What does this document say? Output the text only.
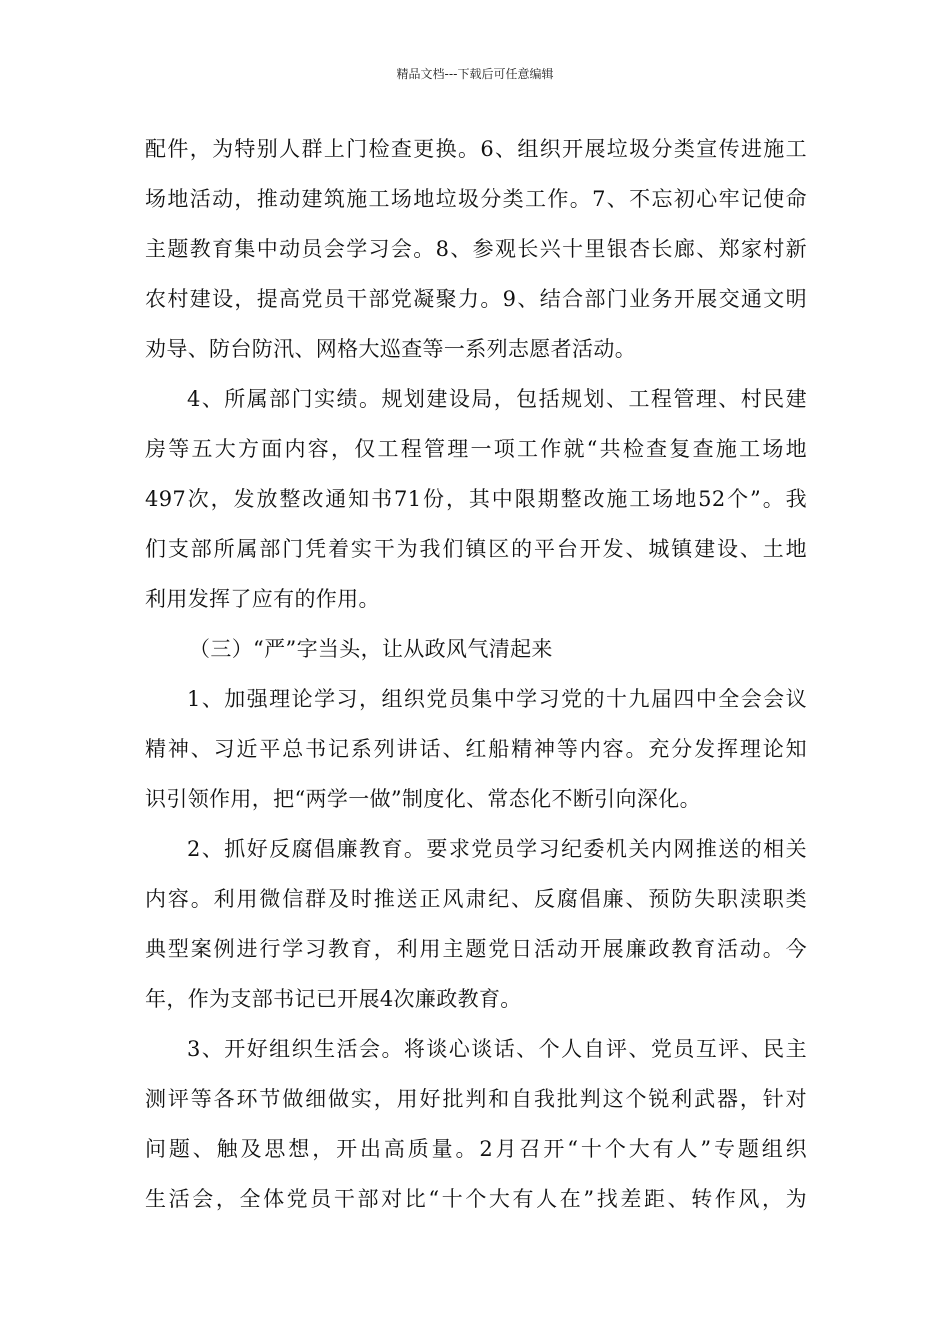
精品文档---下载后可任意编辑
配件，为特别人群上门检查更换。6、组织开展垃圾分类宣传进施工
场地活动，推动建筑施工场地垃圾分类工作。7、不忘初心牢记使命
主题教育集中动员会学习会。8、参观长兴十里银杏长廊、郑家村新
农村建设，提高党员干部党凝聚力。9、结合部门业务开展交通文明
劝导、防台防汛、网格大巡查等一系列志愿者活动。
4、所属部门实绩。规划建设局，包括规划、工程管理、村民建
房等五大方面内容，仅工程管理一项工作就“共检查复查施工场地
497次，发放整改通知书71份，其中限期整改施工场地52个”。我
们支部所属部门凭着实干为我们镇区的平台开发、城镇建设、土地
利用发挥了应有的作用。
（三）“严”字当头，让从政风气清起来
1、加强理论学习，组织党员集中学习党的十九届四中全会会议
精神、习近平总书记系列讲话、红船精神等内容。充分发挥理论知
识引领作用，把“两学一做”制度化、常态化不断引向深化。
2、抓好反腐倡廉教育。要求党员学习纪委机关内网推送的相关
内容。利用微信群及时推送正风肃纪、反腐倡廉、预防失职渎职类
典型案例进行学习教育，利用主题党日活动开展廉政教育活动。今
年，作为支部书记已开展4次廉政教育。
3、开好组织生活会。将谈心谈话、个人自评、党员互评、民主
测评等各环节做细做实，用好批判和自我批判这个锐利武器，针对
问题、触及思想，开出高质量。2月召开“十个大有人”专题组织
生活会，全体党员干部对比“十个大有人在”找差距、转作风，为
